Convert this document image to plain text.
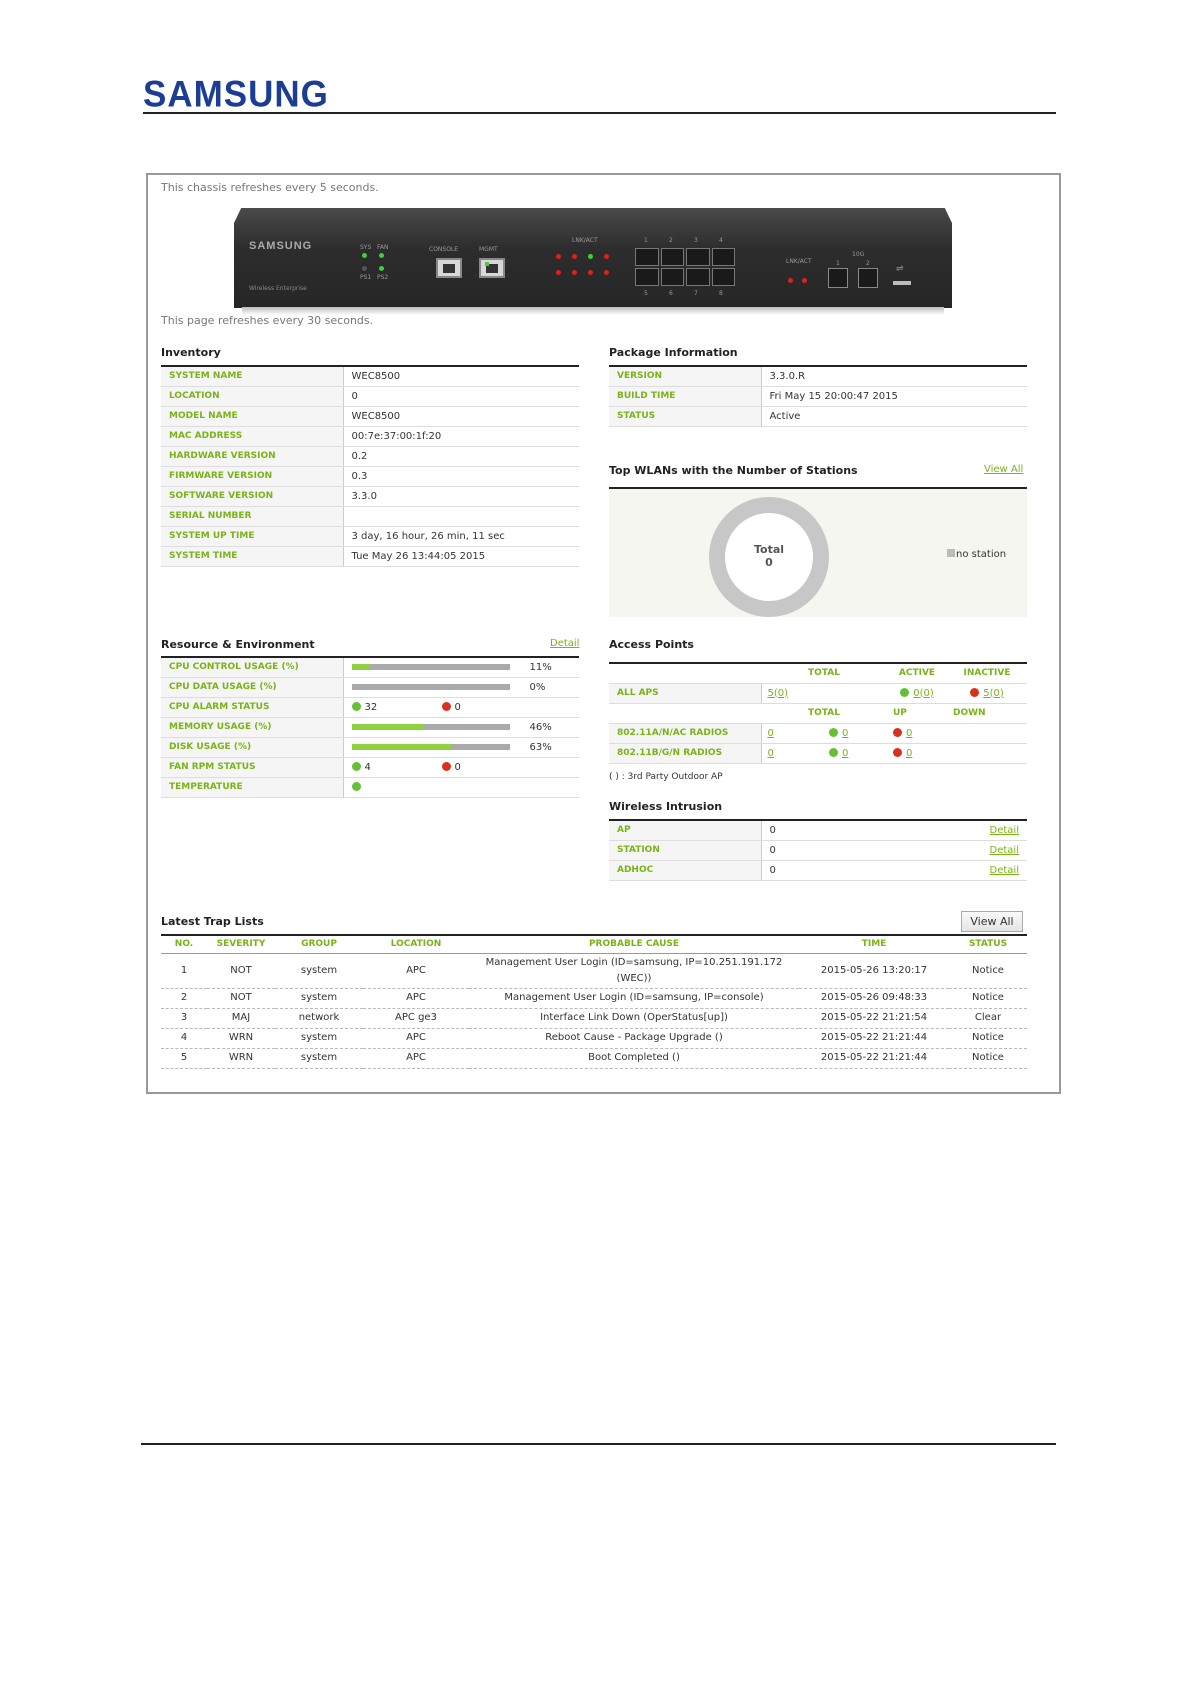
SAMSUNG
This chassis refreshes every 5 seconds.
SAMSUNG
Wireless Enterprise
SYS FAN
PS1 PS2
CONSOLE	MGMT
LNK/ACT	1	2	3	4
5	6	7	8
LNK/ACT
10G
1	2
⇌
This page refreshes every 30 seconds.
Inventory
SYSTEM NAME	WEC8500
LOCATION	0
MODEL NAME	WEC8500
MAC ADDRESS	00:7e:37:00:1f:20
HARDWARE VERSION	0.2
FIRMWARE VERSION	0.3
SOFTWARE VERSION	3.3.0
SERIAL NUMBER	
SYSTEM UP TIME	3 day, 16 hour, 26 min, 11 sec
SYSTEM TIME	Tue May 26 13:44:05 2015
Package Information
VERSION	3.3.0.R
BUILD TIME	Fri May 15 20:00:47 2015
STATUS	Active
Top WLANs with the Number of Stations	View All
Total
0
no station
Resource & Environment	Detail
CPU CONTROL USAGE (%)	11%
CPU DATA USAGE (%)	0%
CPU ALARM STATUS	32 0
MEMORY USAGE (%)	46%
DISK USAGE (%)	63%
FAN RPM STATUS	4 0
TEMPERATURE	
Access Points
	TOTAL		ACTIVE	INACTIVE
ALL APS	5(0)		0(0)	5(0)
	TOTAL		UP	DOWN
802.11A/N/AC RADIOS	0	0	0	
802.11B/G/N RADIOS	0	0	0	
( ) : 3rd Party Outdoor AP
Wireless Intrusion
AP	0	Detail
STATION	0	Detail
ADHOC	0	Detail
Latest Trap Lists	View All
NO.	SEVERITY	GROUP	LOCATION	PROBABLE CAUSE	TIME	STATUS
1	NOT	system	APC	Management User Login (ID=samsung, IP=10.251.191.172 (WEC))	2015-05-26 13:20:17	Notice
2	NOT	system	APC	Management User Login (ID=samsung, IP=console)	2015-05-26 09:48:33	Notice
3	MAJ	network	APC ge3	Interface Link Down (OperStatus[up])	2015-05-22 21:21:54	Clear
4	WRN	system	APC	Reboot Cause - Package Upgrade ()	2015-05-22 21:21:44	Notice
5	WRN	system	APC	Boot Completed ()	2015-05-22 21:21:44	Notice
